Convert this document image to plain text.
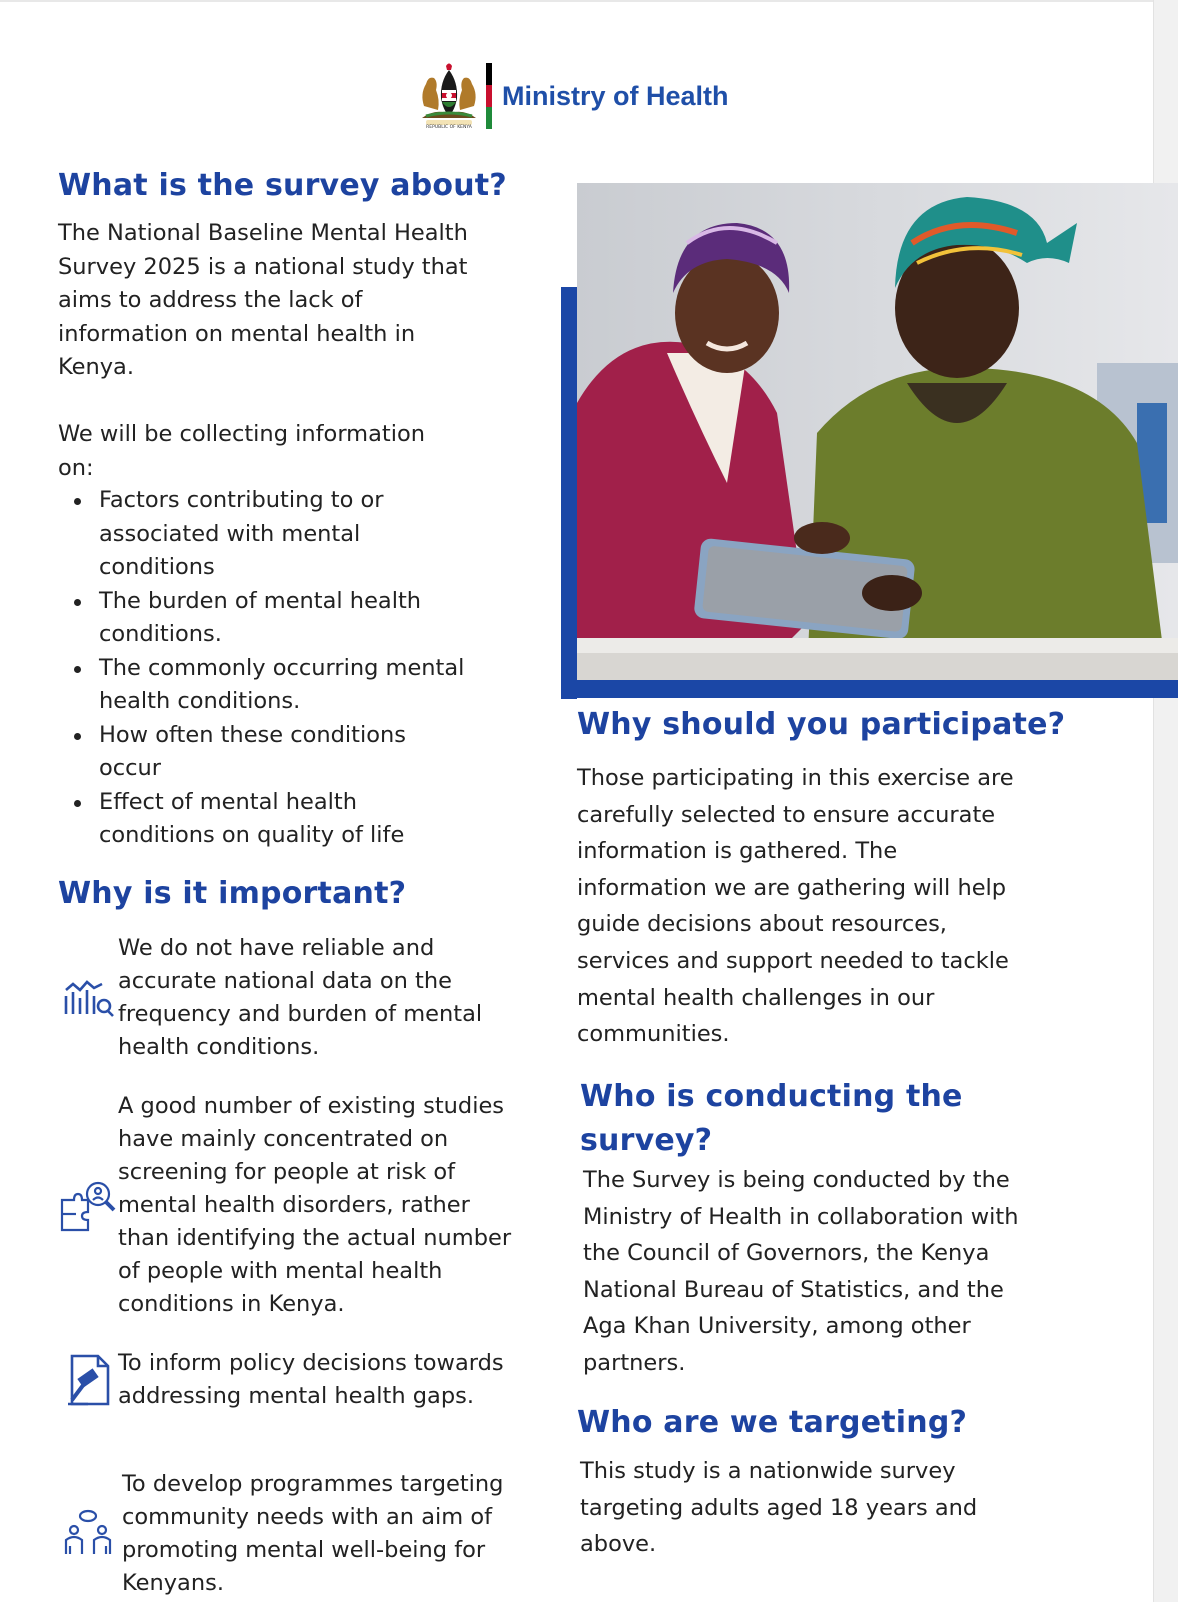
REPUBLIC OF KENYA
Ministry of Health
What is the survey about?

The National Baseline Mental Health
Survey 2025 is a national study that
aims to address the lack of
information on mental health in
Kenya.

We will be collecting information
on:

Factors contributing to or
associated with mental
conditions
The burden of mental health
conditions.
The commonly occurring mental
health conditions.
How often these conditions
occur
Effect of mental health
conditions on quality of life
Why is it important?
We do not have reliable and
accurate national data on the
frequency and burden of mental
health conditions.
A good number of existing studies
have mainly concentrated on
screening for people at risk of
mental health disorders, rather
than identifying the actual number
of people with mental health
conditions in Kenya.
To inform policy decisions towards
addressing mental health gaps.
To develop programmes targeting
community needs with an aim of
promoting mental well-being for
Kenyans.
Why should you participate?

Those participating in this exercise are
carefully selected to ensure accurate
information is gathered. The
information we are gathering will help
guide decisions about resources,
services and support needed to tackle
mental health challenges in our
communities.

Who is conducting the
survey?

The Survey is being conducted by the
Ministry of Health in collaboration with
the Council of Governors, the Kenya
National Bureau of Statistics, and the
Aga Khan University, among other
partners.

Who are we targeting?

This study is a nationwide survey
targeting adults aged 18 years and
above.
